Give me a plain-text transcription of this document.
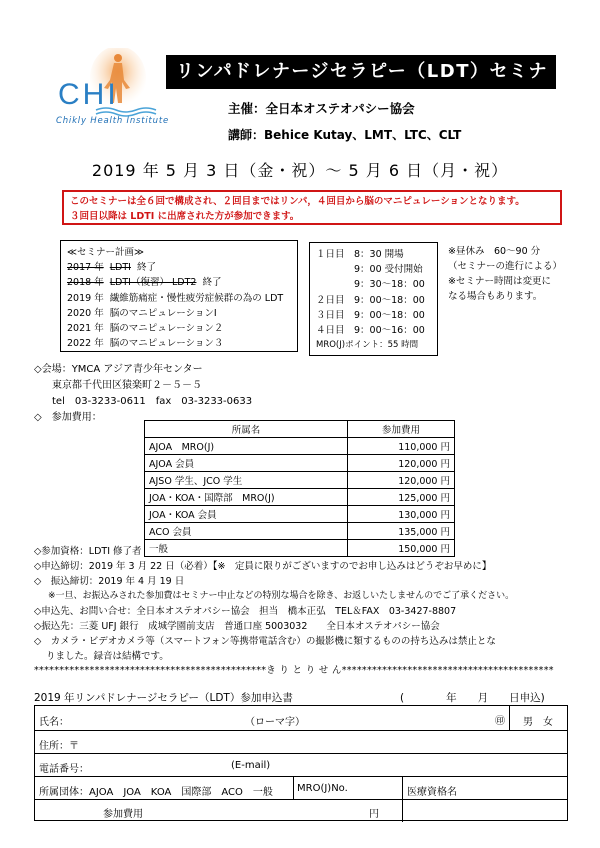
CHI
Chikly Health Institute
リンパドレナージセラピー（LDT）セミナー	主催：全日本オステオパシー協会
講師：Behice Kutay、LMT、LTC、CLT
2019 年 5 月 3 日（金・祝）～ 5 月 6 日（月・祝）
このセミナーは全６回で構成され、２回目まではリンパ，４回目から脳のマニピュレーションとなります。
３回目以降は LDTI に出席された方が参加できます。
≪セミナー計画≫
2017 年 LDTI 終了
2018 年 LDTI（復習） LDT2 終了
2019 年 繊維筋痛症・慢性疲労症候群の為の LDT
2020 年 脳のマニピュレーションⅠ
2021 年 脳のマニピュレーション２
2022 年 脳のマニピュレーション３
１日目　8：30 開場
　　　　9：00 受付開始
　　　　9：30～18：00
２日目　9：00～18：00
３日目　9：00～18：00
４日目　9：00～16：00
MRO(J)ポイント：55 時間
※昼休み　60～90 分
（セミナーの進行による）
※セミナー時間は変更に
なる場合もあります。
◇会場：YMCA アジア青少年センター
東京都千代田区猿楽町２－５－５
tel　03-3233-0611　fax　03-3233-0633
◇　参加費用：
所属名	参加費用
AJOA　MRO(J)	110,000 円
AJOA 会員	120,000 円
AJSO 学生、JCO 学生	120,000 円
JOA・KOA・国際部　MRO(J)	125,000 円
JOA・KOA 会員	130,000 円
ACO 会員	135,000 円
一般	150,000 円
◇参加資格：LDTI 修了者
◇申込締切：2019 年 3 月 22 日（必着）【※　定員に限りがございますのでお申し込みはどうぞお早めに】
◇　振込締切：2019 年 4 月 19 日
※一旦、お振込みされた参加費はセミナー中止などの特別な場合を除き、お返しいたしませんのでご了承ください。
◇申込先、お問い合せ：全日本オステオパシー協会　担当　橋本正弘　TEL＆FAX　03-3427-8807
◇振込先：三菱 UFJ 銀行　成城学園前支店　普通口座 5003032　　全日本オステオパシー協会
◇　カメラ・ビデオカメラ等（スマートフォン等携帯電話含む）の撮影機に類するものの持ち込みは禁止とな
りました。録音は結構です。
**********************************************き り と り せ ん******************************************
2019 年リンパドレナージセラピー（LDT）参加申込書	(　　　　年　　月　　日申込)
氏名：	（ローマ字）	㊞ 男　女
住所：〒
電話番号：	(E-mail)
所属団体：AJOA　JOA　KOA　国際部　ACO　一般 MRO(J)No.	医療資格名
参加費用	円
